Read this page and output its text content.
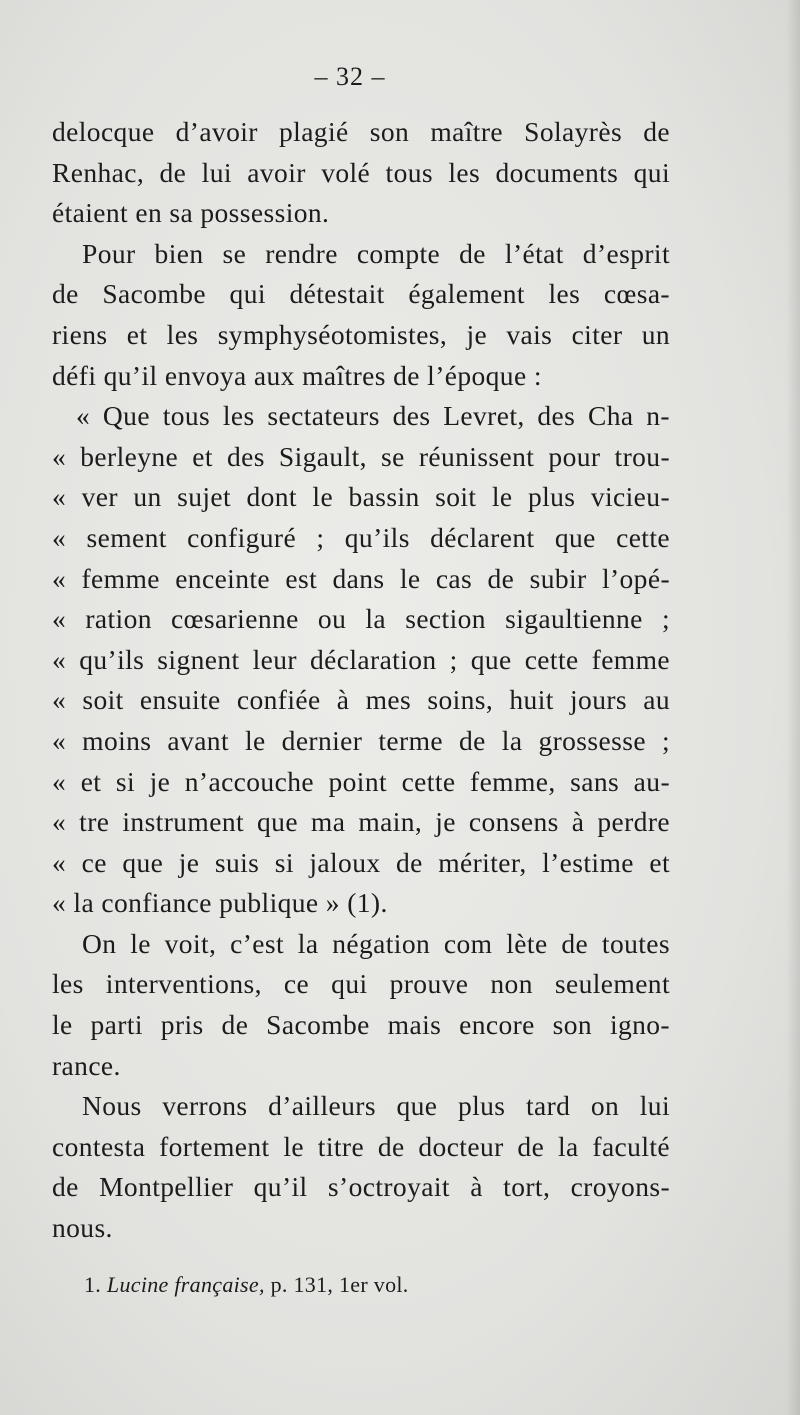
– 32 –
delocque d’avoir plagié son maître Solayrès de
Renhac, de lui avoir volé tous les documents qui
étaient en sa possession.
Pour bien se rendre compte de l’état d’esprit
de Sacombe qui détestait également les cœsa-
riens et les symphyséotomistes, je vais citer un
défi qu’il envoya aux maîtres de l’époque :
« Que tous les sectateurs des Levret, des Cha n-
« berleyne et des Sigault, se réunissent pour trou-
« ver un sujet dont le bassin soit le plus vicieu-
« sement configuré ; qu’ils déclarent que cette
« femme enceinte est dans le cas de subir l’opé-
« ration cœsarienne ou la section sigaultienne ;
« qu’ils signent leur déclaration ; que cette femme
« soit ensuite confiée à mes soins, huit jours au
« moins avant le dernier terme de la grossesse ;
« et si je n’accouche point cette femme, sans au-
« tre instrument que ma main, je consens à perdre
« ce que je suis si jaloux de mériter, l’estime et
« la confiance publique » (1).
On le voit, c’est la négation com lète de toutes
les interventions, ce qui prouve non seulement
le parti pris de Sacombe mais encore son igno-
rance.
Nous verrons d’ailleurs que plus tard on lui
contesta fortement le titre de docteur de la faculté
de Montpellier qu’il s’octroyait à tort, croyons-
nous.
1. Lucine française, p. 131, 1er vol.
